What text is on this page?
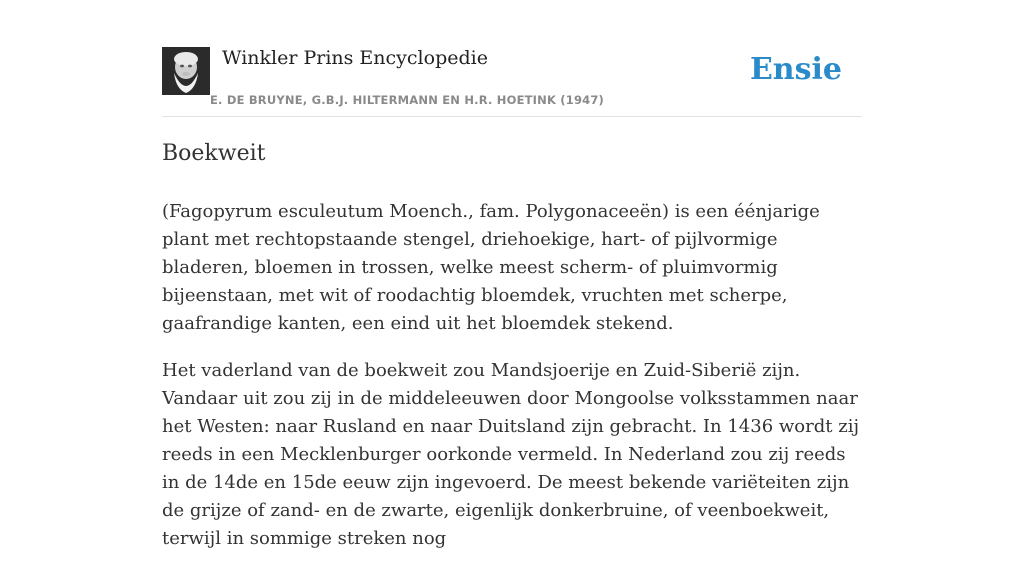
Winkler Prins Encyclopedie
E. DE BRUYNE, G.B.J. HILTERMANN EN H.R. HOETINK (1947)
Ensie
Boekweit

(Fagopyrum esculeutum Moench., fam. Polygonaceeën) is een éénjarige plant met rechtopstaande stengel, driehoekige, hart- of pijlvormige bladeren, bloemen in trossen, welke meest scherm- of pluimvormig bijeenstaan, met wit of roodachtig bloemdek, vruchten met scherpe, gaafrandige kanten, een eind uit het bloemdek stekend.

Het vaderland van de boekweit zou Mandsjoerije en Zuid-Siberië zijn. Vandaar uit zou zij in de middeleeuwen door Mongoolse volksstammen naar het Westen: naar Rusland en naar Duitsland zijn gebracht. In 1436 wordt zij reeds in een Mecklenburger oorkonde vermeld. In Nederland zou zij reeds in de 14de en 15de eeuw zijn ingevoerd. De meest bekende variëteiten zijn de grijze of zand- en de zwarte, eigenlijk donkerbruine, of veenboekweit, terwijl in sommige streken nog
